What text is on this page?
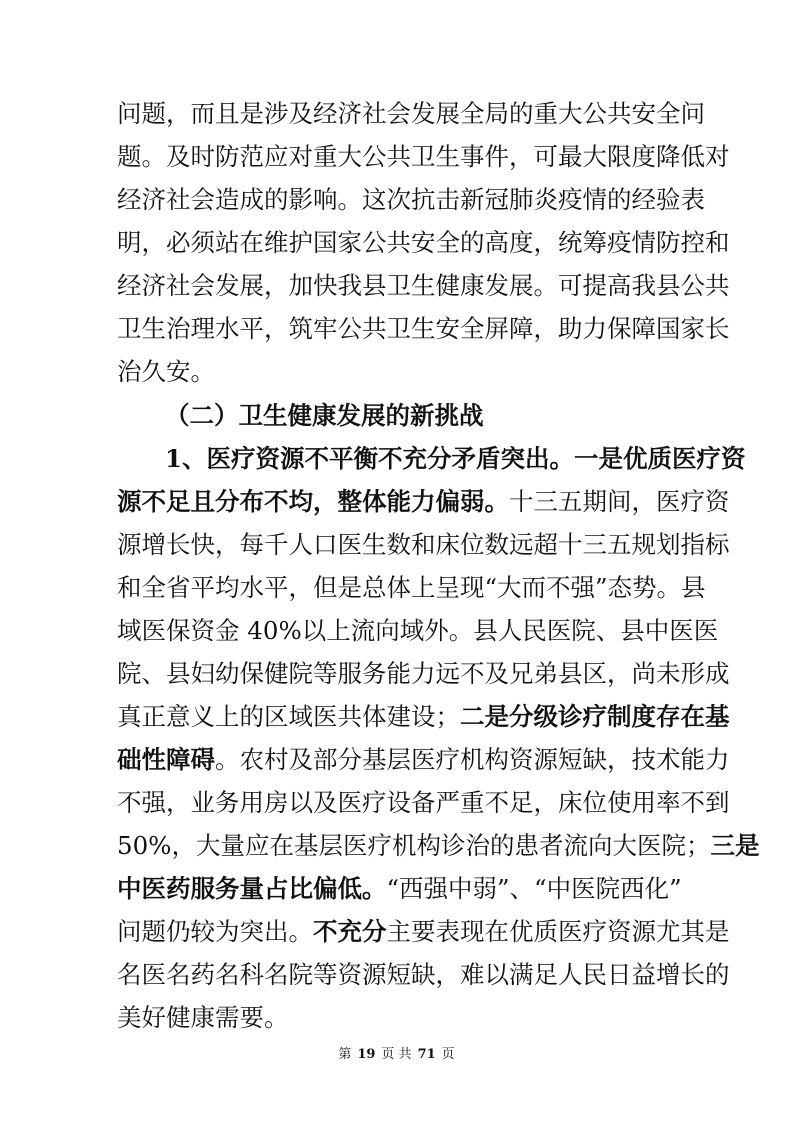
问题，而且是涉及经济社会发展全局的重大公共安全问
题。及时防范应对重大公共卫生事件，可最大限度降低对
经济社会造成的影响。这次抗击新冠肺炎疫情的经验表
明，必须站在维护国家公共安全的高度，统筹疫情防控和
经济社会发展，加快我县卫生健康发展。可提高我县公共
卫生治理水平，筑牢公共卫生安全屏障，助力保障国家长
治久安。
（二）卫生健康发展的新挑战
1、医疗资源不平衡不充分矛盾突出。一是优质医疗资
源不足且分布不均，整体能力偏弱。十三五期间，医疗资
源增长快，每千人口医生数和床位数远超十三五规划指标
和全省平均水平，但是总体上呈现“大而不强”态势。县
域医保资金 40%以上流向域外。县人民医院、县中医医
院、县妇幼保健院等服务能力远不及兄弟县区，尚未形成
真正意义上的区域医共体建设；二是分级诊疗制度存在基
础性障碍。农村及部分基层医疗机构资源短缺，技术能力
不强，业务用房以及医疗设备严重不足，床位使用率不到
50%，大量应在基层医疗机构诊治的患者流向大医院；三是
中医药服务量占比偏低。“西强中弱”、“中医院西化”
问题仍较为突出。不充分主要表现在优质医疗资源尤其是
名医名药名科名院等资源短缺，难以满足人民日益增长的
美好健康需要。
第 19 页 共 71 页
